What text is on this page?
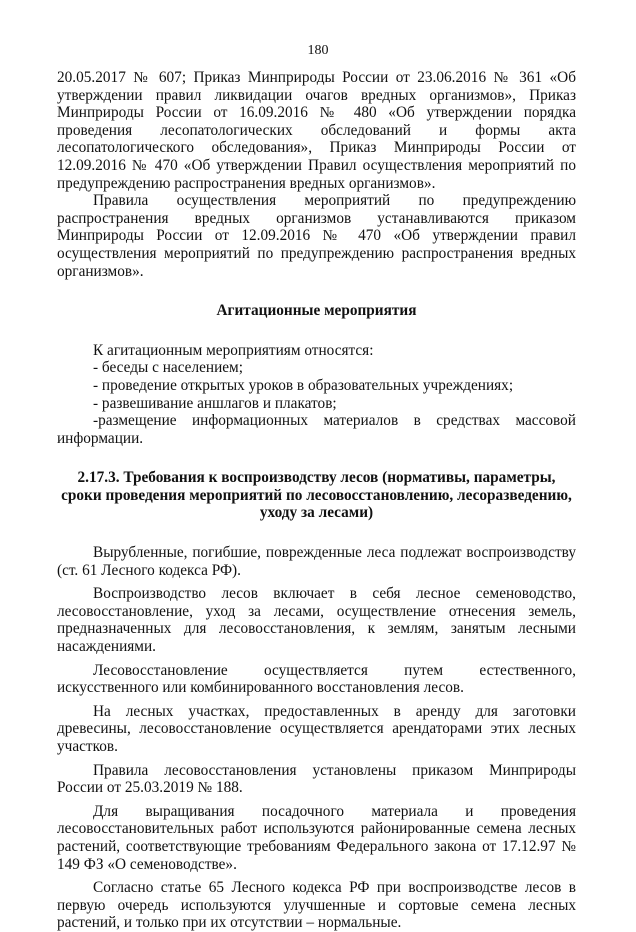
180

20.05.2017 № 607; Приказ Минприроды России от 23.06.2016 № 361 «Об утверждении правил ликвидации очагов вредных организмов», Приказ Минприроды России от 16.09.2016 № 480 «Об утверждении порядка проведения лесопатологических обследований и формы акта лесопатологического обследования», Приказ Минприроды России от 12.09.2016 № 470 «Об утверждении Правил осуществления мероприятий по предупреждению распространения вредных организмов».

Правила осуществления мероприятий по предупреждению распространения вредных организмов устанавливаются приказом Минприроды России от 12.09.2016 № 470 «Об утверждении правил осуществления мероприятий по предупреждению распространения вредных организмов».

Агитационные мероприятия

К агитационным мероприятиям относятся:

- беседы с населением;

- проведение открытых уроков в образовательных учреждениях;

- развешивание аншлагов и плакатов;

-размещение информационных материалов в средствах массовой информации.

2.17.3. Требования к воспроизводству лесов (нормативы, параметры, сроки проведения мероприятий по лесовосстановлению, лесоразведению, уходу за лесами)

Вырубленные, погибшие, поврежденные леса подлежат воспроизводству (ст. 61 Лесного кодекса РФ).

Воспроизводство лесов включает в себя лесное семеноводство, лесовосстановление, уход за лесами, осуществление отнесения земель, предназначенных для лесовосстановления, к землям, занятым лесными насаждениями.

Лесовосстановление осуществляется путем естественного, искусственного или комбинированного восстановления лесов.

На лесных участках, предоставленных в аренду для заготовки древесины, лесовосстановление осуществляется арендаторами этих лесных участков.

Правила лесовосстановления установлены приказом Минприроды России от 25.03.2019 № 188.

Для выращивания посадочного материала и проведения лесовосстановительных работ используются районированные семена лесных растений, соответствующие требованиям Федерального закона от 17.12.97 № 149 ФЗ «О семеноводстве».

Согласно статье 65 Лесного кодекса РФ при воспроизводстве лесов в первую очередь используются улучшенные и сортовые семена лесных растений, и только при их отсутствии – нормальные.
